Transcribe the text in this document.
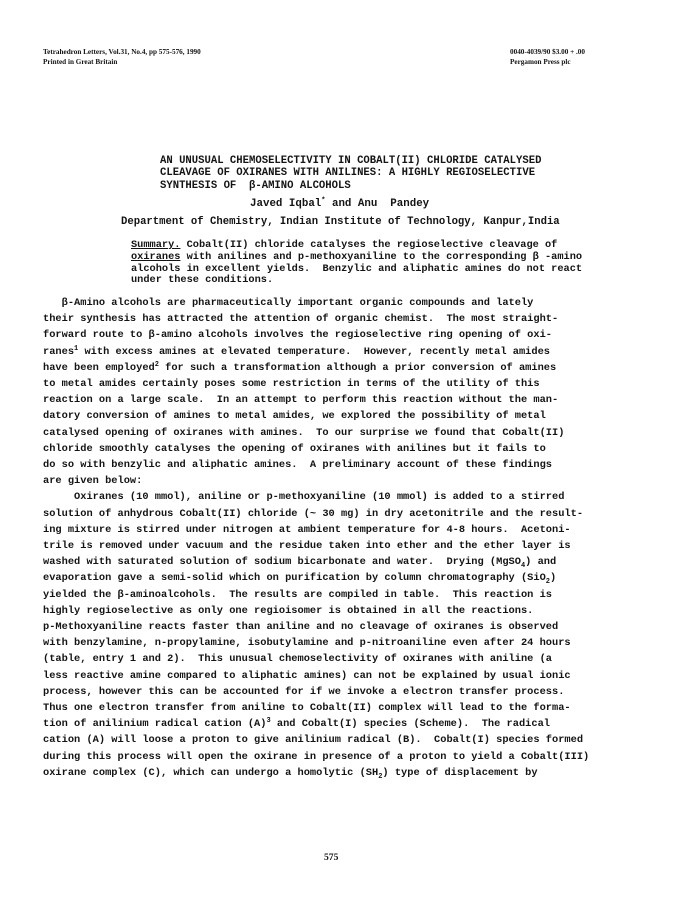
Tetrahedron Letters, Vol.31, No.4, pp 575-576, 1990
Printed in Great Britain
0040-4039/90 $3.00 + .00
Pergamon Press plc
AN UNUSUAL CHEMOSELECTIVITY IN COBALT(II) CHLORIDE CATALYSED
CLEAVAGE OF OXIRANES WITH ANILINES: A HIGHLY REGIOSELECTIVE
SYNTHESIS OF  β-AMINO ALCOHOLS
Javed Iqbal* and Anu  Pandey
Department of Chemistry, Indian Institute of Technology, Kanpur,India
Summary. Cobalt(II) chloride catalyses the regioselective cleavage of
oxiranes with anilines and p-methoxyaniline to the corresponding β -amino
alcohols in excellent yields.  Benzylic and aliphatic amines do not react
under these conditions.
β-Amino alcohols are pharmaceutically important organic compounds and lately
their synthesis has attracted the attention of organic chemist.  The most straight-
forward route to β-amino alcohols involves the regioselective ring opening of oxi-
ranes$^1$ with excess amines at elevated temperature.  However, recently metal amides
have been employed$^2$ for such a transformation although a prior conversion of amines
to metal amides certainly poses some restriction in terms of the utility of this
reaction on a large scale.  In an attempt to perform this reaction without the man-
datory conversion of amines to metal amides, we explored the possibility of metal
catalysed opening of oxiranes with amines.  To our surprise we found that Cobalt(II)
chloride smoothly catalyses the opening of oxiranes with anilines but it fails to
do so with benzylic and aliphatic amines.  A preliminary account of these findings
are given below:
Oxiranes (10 mmol), aniline or p-methoxyaniline (10 mmol) is added to a stirred
solution of anhydrous Cobalt(II) chloride (~ 30 mg) in dry acetonitrile and the result-
ing mixture is stirred under nitrogen at ambient temperature for 4-8 hours.  Acetoni-
trile is removed under vacuum and the residue taken into ether and the ether layer is
washed with saturated solution of sodium bicarbonate and water.  Drying (MgSO$_4$) and
evaporation gave a semi-solid which on purification by column chromatography (SiO$_2$)
yielded the β-aminoalcohols.  The results are compiled in table.  This reaction is
highly regioselective as only one regioisomer is obtained in all the reactions.
p-Methoxyaniline reacts faster than aniline and no cleavage of oxiranes is observed
with benzylamine, n-propylamine, isobutylamine and p-nitroaniline even after 24 hours
(table, entry 1 and 2).  This unusual chemoselectivity of oxiranes with aniline (a
less reactive amine compared to aliphatic amines) can not be explained by usual ionic
process, however this can be accounted for if we invoke a electron transfer process.
Thus one electron transfer from aniline to Cobalt(II) complex will lead to the forma-
tion of anilinium radical cation $(A)^3$ and Cobalt(I) species (Scheme).  The radical
cation (A) will loose a proton to give anilinium radical (B).  Cobalt(I) species formed
during this process will open the oxirane in presence of a proton to yield a Cobalt(III)
oxirane complex (C), which can undergo a homolytic $(SH_2)$ type of displacement by
575
